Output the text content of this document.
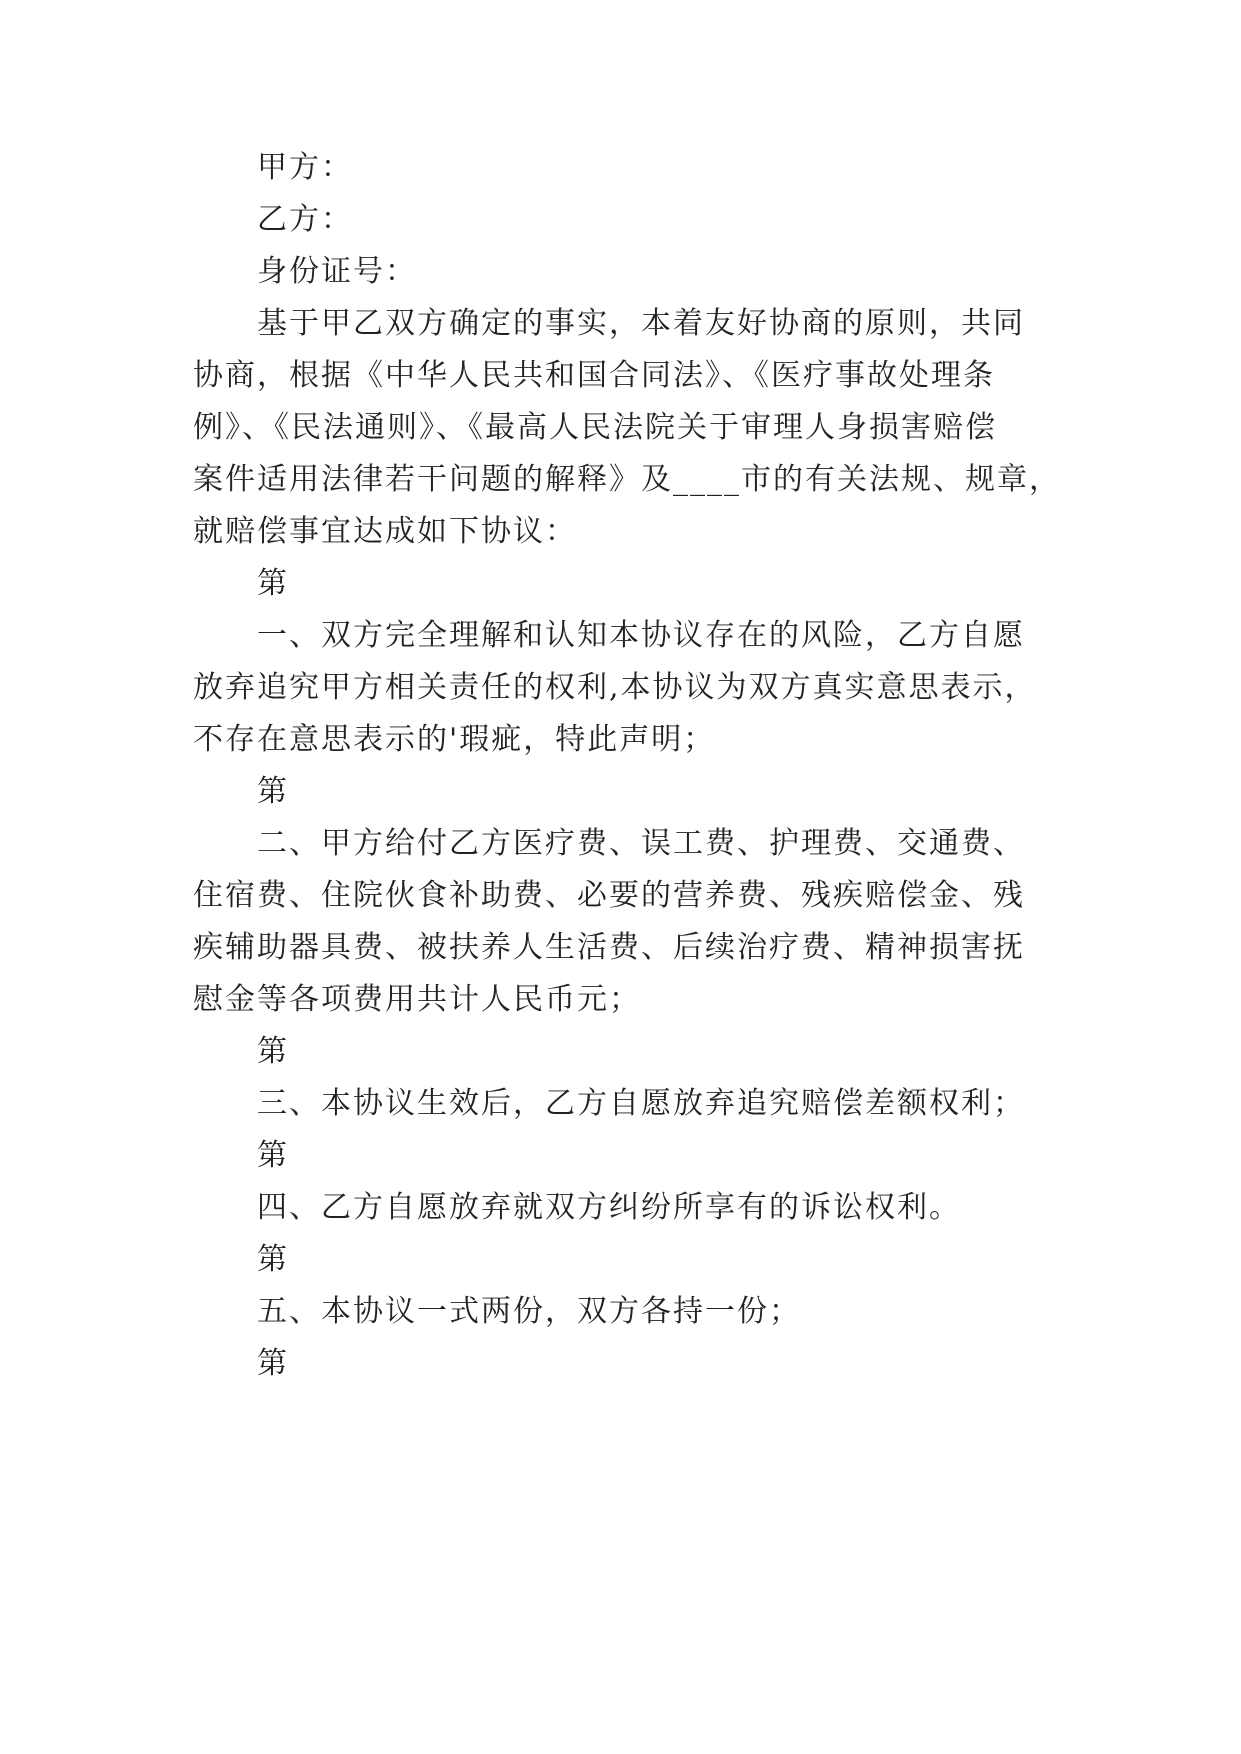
甲方：
乙方：
身份证号：
基于甲乙双方确定的事实，本着友好协商的原则，共同
协商，根据《中华人民共和国合同法》、《医疗事故处理条
例》、《民法通则》、《最高人民法院关于审理人身损害赔偿
案件适用法律若干问题的解释》及____市的有关法规、规章，
就赔偿事宜达成如下协议：
第
一、双方完全理解和认知本协议存在的风险，乙方自愿
放弃追究甲方相关责任的权利,本协议为双方真实意思表示，
不存在意思表示的'瑕疵，特此声明；
第
二、甲方给付乙方医疗费、误工费、护理费、交通费、
住宿费、住院伙食补助费、必要的营养费、残疾赔偿金、残
疾辅助器具费、被扶养人生活费、后续治疗费、精神损害抚
慰金等各项费用共计人民币元；
第
三、本协议生效后，乙方自愿放弃追究赔偿差额权利；
第
四、乙方自愿放弃就双方纠纷所享有的诉讼权利。
第
五、本协议一式两份，双方各持一份；
第
